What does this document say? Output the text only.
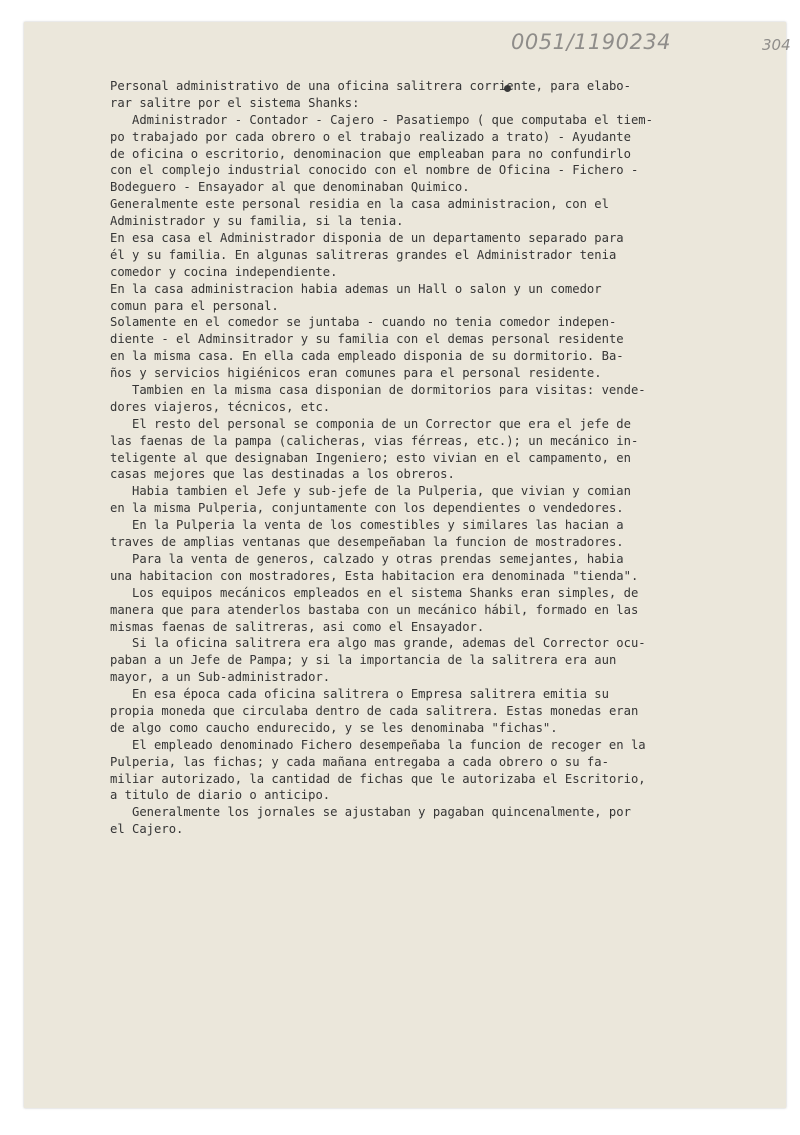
0051/1190234	304
Personal administrativo de una oficina salitrera corriente, para elabo-
rar salitre por el sistema Shanks:
Administrador - Contador - Cajero - Pasatiempo ( que computaba el tiem-
po trabajado por cada obrero o el trabajo realizado a trato) - Ayudante
de oficina o escritorio, denominacion que empleaban para no confundirlo
con el complejo industrial conocido con el nombre de Oficina - Fichero -
Bodeguero - Ensayador al que denominaban Quimico.
Generalmente este personal residia en la casa administracion, con el
Administrador y su familia, si la tenia.
En esa casa el Administrador disponia de un departamento separado para
él y su familia. En algunas salitreras grandes el Administrador tenia
comedor y cocina independiente.
En la casa administracion habia ademas un Hall o salon y un comedor
comun para el personal.
Solamente en el comedor se juntaba - cuando no tenia comedor indepen-
diente - el Adminsitrador y su familia con el demas personal residente
en la misma casa. En ella cada empleado disponia de su dormitorio. Ba-
ños y servicios higiénicos eran comunes para el personal residente.
Tambien en la misma casa disponian de dormitorios para visitas: vende-
dores viajeros, técnicos, etc.
El resto del personal se componia de un Corrector que era el jefe de
las faenas de la pampa (calicheras, vias férreas, etc.); un mecánico in-
teligente al que designaban Ingeniero; esto vivian en el campamento, en
casas mejores que las destinadas a los obreros.
Habia tambien el Jefe y sub-jefe de la Pulperia, que vivian y comian
en la misma Pulperia, conjuntamente con los dependientes o vendedores.
En la Pulperia la venta de los comestibles y similares las hacian a
traves de amplias ventanas que desempeñaban la funcion de mostradores.
Para la venta de generos, calzado y otras prendas semejantes, habia
una habitacion con mostradores, Esta habitacion era denominada "tienda".
Los equipos mecánicos empleados en el sistema Shanks eran simples, de
manera que para atenderlos bastaba con un mecánico hábil, formado en las
mismas faenas de salitreras, asi como el Ensayador.
Si la oficina salitrera era algo mas grande, ademas del Corrector ocu-
paban a un Jefe de Pampa; y si la importancia de la salitrera era aun
mayor, a un Sub-administrador.
En esa época cada oficina salitrera o Empresa salitrera emitia su
propia moneda que circulaba dentro de cada salitrera. Estas monedas eran
de algo como caucho endurecido, y se les denominaba "fichas".
El empleado denominado Fichero desempeñaba la funcion de recoger en la
Pulperia, las fichas; y cada mañana entregaba a cada obrero o su fa-
miliar autorizado, la cantidad de fichas que le autorizaba el Escritorio,
a titulo de diario o anticipo.
Generalmente los jornales se ajustaban y pagaban quincenalmente, por
el Cajero.
